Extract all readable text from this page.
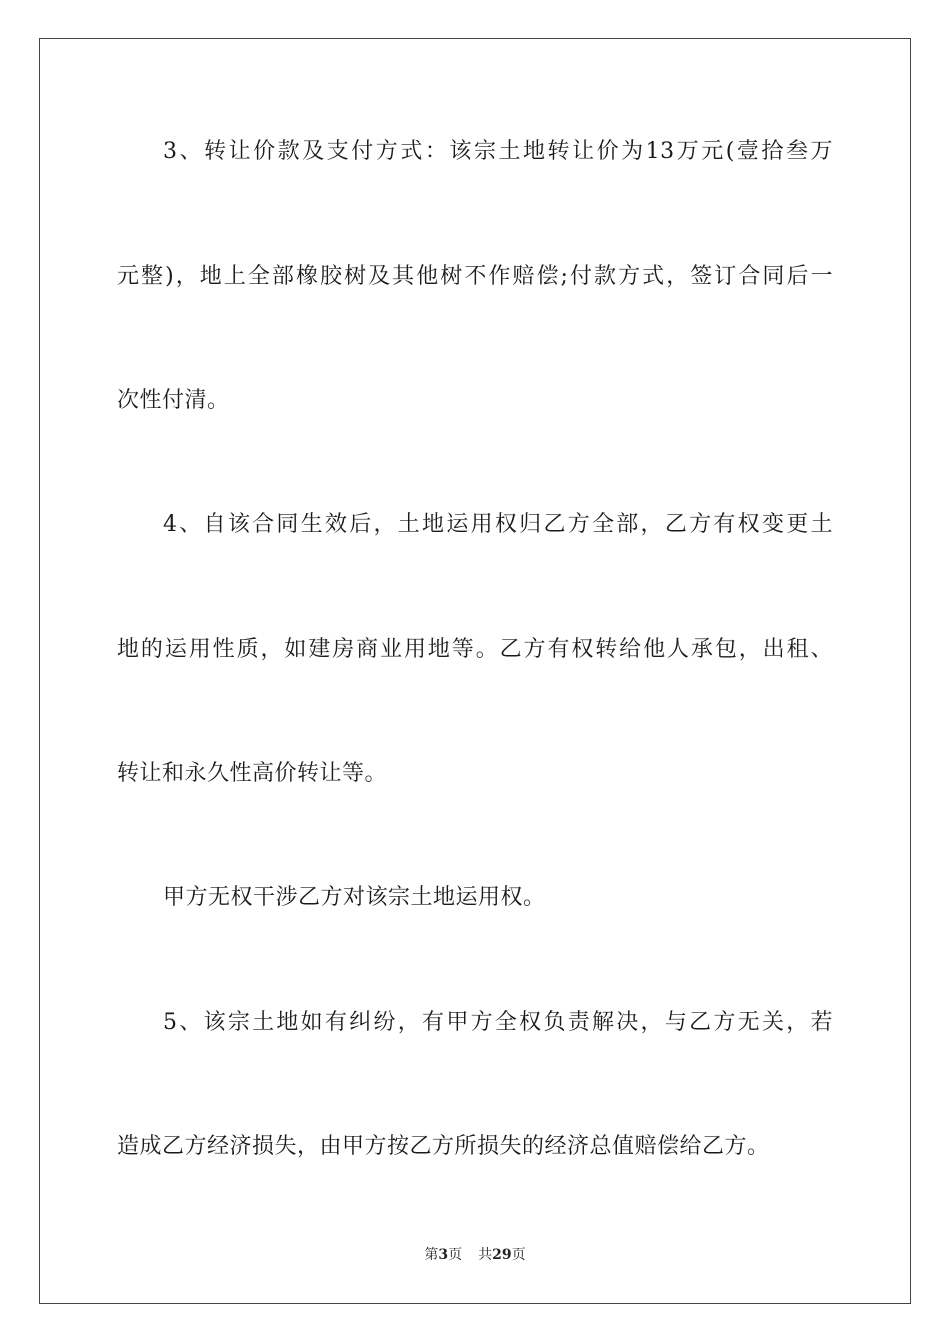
3、转让价款及支付方式：该宗土地转让价为13万元(壹拾叁万
元整)，地上全部橡胶树及其他树不作赔偿;付款方式，签订合同后一
次性付清。
4、自该合同生效后，土地运用权归乙方全部，乙方有权变更土
地的运用性质，如建房商业用地等。乙方有权转给他人承包，出租、
转让和永久性高价转让等。
甲方无权干涉乙方对该宗土地运用权。
5、该宗土地如有纠纷，有甲方全权负责解决，与乙方无关，若
造成乙方经济损失，由甲方按乙方所损失的经济总值赔偿给乙方。
第3页 共29页
